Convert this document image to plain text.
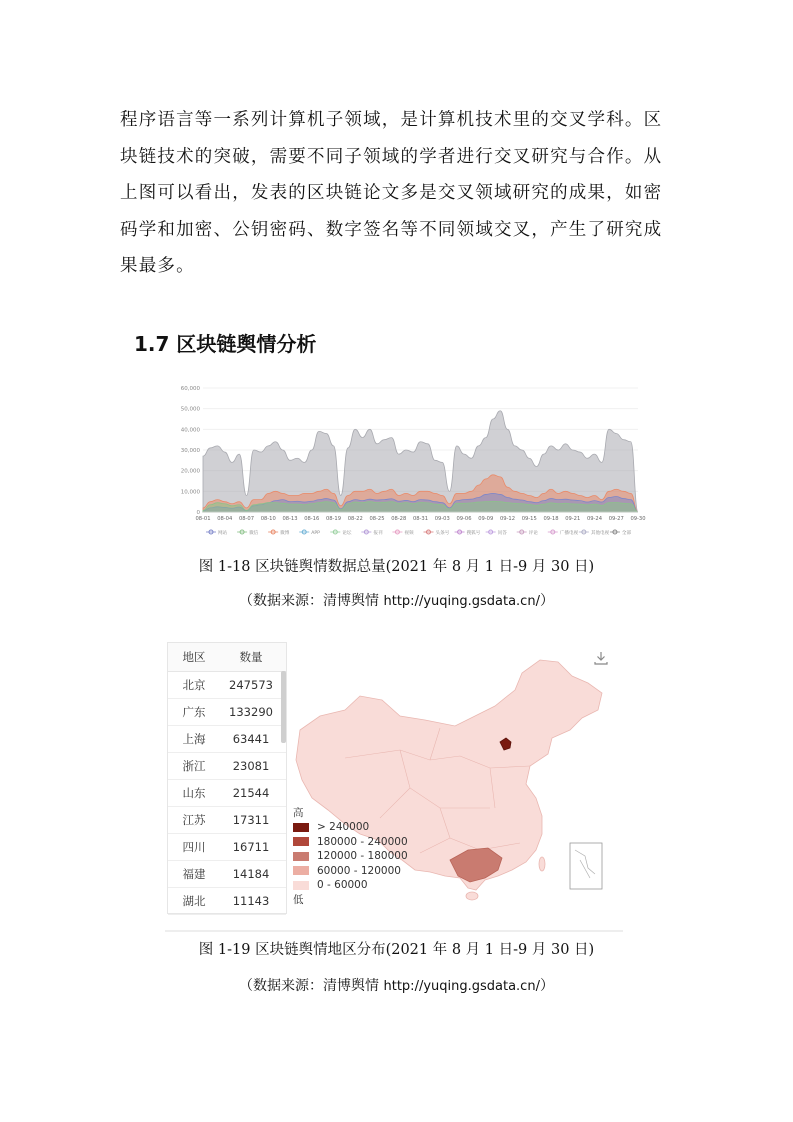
程序语言等一系列计算机子领域，是计算机技术里的交叉学科。区
块链技术的突破，需要不同子领域的学者进行交叉研究与合作。从
上图可以看出，发表的区块链论文多是交叉领域研究的成果，如密
码学和加密、公钥密码、数字签名等不同领域交叉，产生了研究成
果最多。
1.7 区块链舆情分析
0
10,000
20,000
30,000
40,000
50,000
60,000
08-01 08-04 08-07 08-10 08-13 08-16 08-19 08-22 08-25 08-28 08-31 09-03 09-06 09-09 09-12 09-15 09-18 09-21 09-24 09-27 09-30
网站	微信	微博	APP	论坛	报刊	视频	头条号	搜狐号	问答	评论	广播电视	其他电视	全部
图 1-18 区块链舆情数据总量(2021 年 8 月 1 日-9 月 30 日)
（数据来源：清博舆情 http://yuqing.gsdata.cn/）
地区	数量
北京	247573
广东	133290
上海	63441
浙江	23081
山东	21544
江苏	17311
四川	16711
福建	14184
湖北	11143
高
> 240000
180000 - 240000
120000 - 180000
60000 - 120000
0 - 60000
低
图 1-19 区块链舆情地区分布(2021 年 8 月 1 日-9 月 30 日)
（数据来源：清博舆情 http://yuqing.gsdata.cn/）
